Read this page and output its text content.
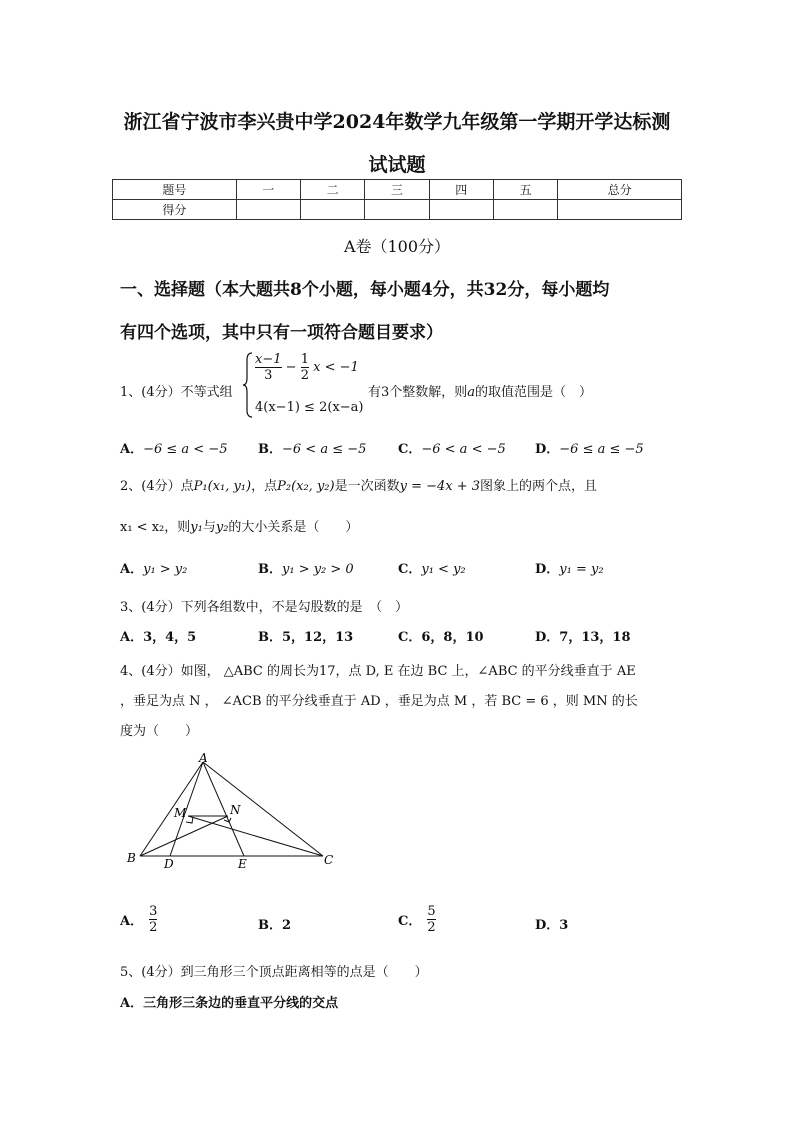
浙江省宁波市李兴贵中学2024年数学九年级第一学期开学达标测
试试题
题号	一	二	三	四	五	总分
得分						
A卷（100分）
一、选择题（本大题共8个小题，每小题4分，共32分，每小题均
有四个选项，其中只有一项符合题目要求）
1、(4分）不等式组
$\frac{x-1}{3} - \frac{1}{2}$ x < −1
4(x−1) ≤ 2(x−a)
有3个整数解，则a的取值范围是（　）
A．−6 ≤ a < −5 B．−6 < a ≤ −5 C．−6 < a < −5 D．−6 ≤ a ≤ −5
2、(4分）点P₁(x₁, y₁)，点P₂(x₂, y₂)是一次函数y = −4x + 3图象上的两个点，且
x₁ < x₂，则y₁与y₂的大小关系是（　　）
A．y₁ > y₂	B．y₁ > y₂ > 0	C．y₁ < y₂	D．y₁ = y₂
3、(4分）下列各组数中，不是勾股数的是　（　）
A．3，4，5	B．5，12，13	C．6，8，10	D．7，13，18
4、(4分）如图， △ABC 的周长为17，点 D, E 在边 BC 上，∠ABC 的平分线垂直于 AE
，垂足为点 N ， ∠ACB 的平分线垂直于 AD ，垂足为点 M ，若 BC = 6 ，则 MN 的长
度为（　　）
A
B	C
D	E
M	N
A． $\frac{3}{2}$	B．2	C． $\frac{5}{2}$	D．3
5、(4分）到三角形三个顶点距离相等的点是（　　）
A．三角形三条边的垂直平分线的交点
